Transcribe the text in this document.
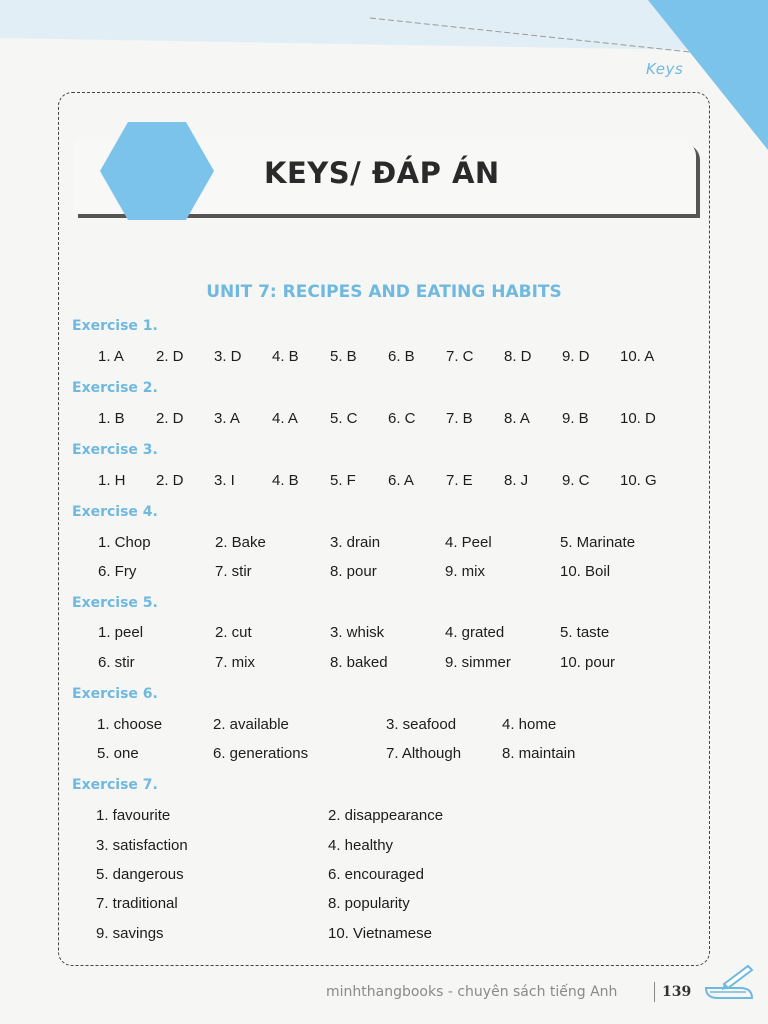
Keys
KEYS/ ĐÁP ÁN
UNIT 7: RECIPES AND EATING HABITS
Exercise 1.
1. A 2. D 3. D 4. B 5. B 6. B 7. C 8. D 9. D 10. A
Exercise 2.
1. B 2. D 3. A 4. A 5. C 6. C 7. B 8. A 9. B 10. D
Exercise 3.
1. H 2. D 3. I 4. B 5. F 6. A 7. E 8. J 9. C 10. G
Exercise 4.
1. Chop	2. Bake	3. drain	4. Peel	5. Marinate
6. Fry	7. stir	8. pour	9. mix	10. Boil
Exercise 5.
1. peel	2. cut	3. whisk	4. grated	5. taste
6. stir	7. mix	8. baked	9. simmer	10. pour
Exercise 6.
1. choose	2. available	3. seafood	4. home
5. one	6. generations	7. Although	8. maintain
Exercise 7.
1. favourite	2. disappearance
3. satisfaction	4. healthy
5. dangerous	6. encouraged
7. traditional	8. popularity
9. savings	10. Vietnamese
minhthangbooks - chuyên sách tiếng Anh	139
